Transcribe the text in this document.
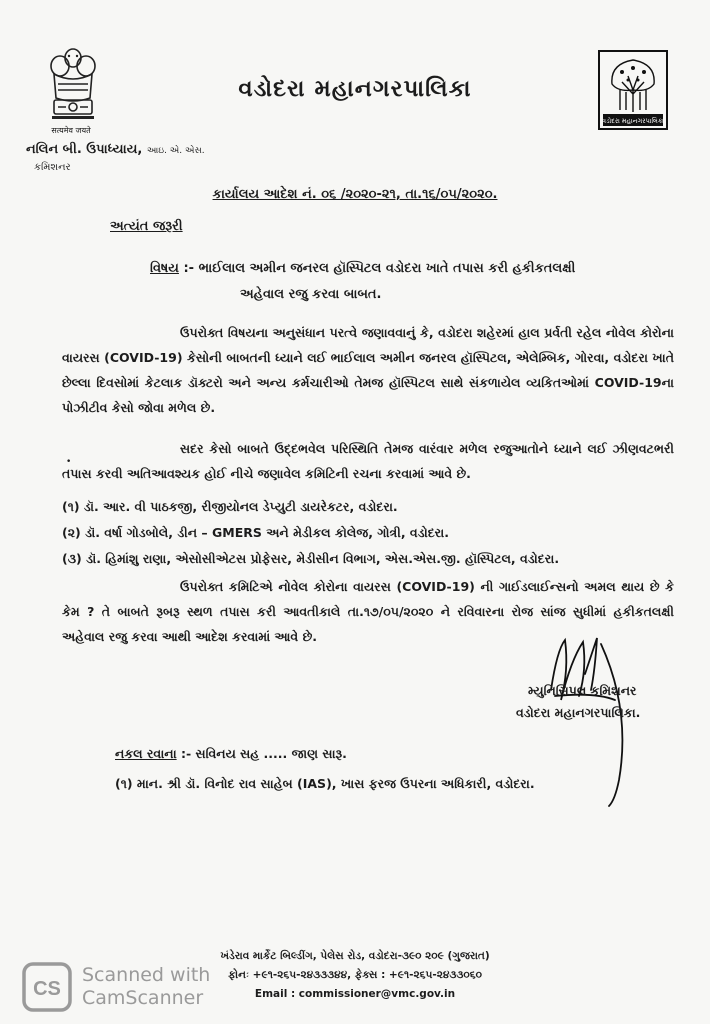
सत्यमेव जयते
વડોદરા મહાનગરપાલિકા
વડોદરા મહાનગરપાલિકા
નલિન બી. ઉપાધ્યાય, આઇ. એ. એસ.
કમિશનર
કાર્યાલય આદેશ નં. ૦૬ /૨૦૨૦-૨૧, તા.૧૬/૦૫/૨૦૨૦.
અત્યંત જરૂરી
વિષય :- ભાઈલાલ અમીન જનરલ હૉસ્પિટલ વડોદરા ખાતે તપાસ કરી હકીકતલક્ષી
અહેવાલ રજુ કરવા બાબત.
ઉપરોક્ત વિષયના અનુસંધાન પરત્વે જણાવવાનું કે, વડોદરા શહેરમાં હાલ પ્રર્વતી રહેલ નોવેલ કોરોના વાયરસ (COVID-19) કેસોની બાબતની ધ્યાને લઈ ભાઈલાલ અમીન જનરલ હૉસ્પિટલ, એલેમ્બિક, ગોરવા, વડોદરા ખાતે છેલ્લા દિવસોમાં કેટલાક ડૉક્ટરો અને અન્ય કર્મચારીઓ તેમજ હૉસ્પિટલ સાથે સંકળાયેલ વ્યકિતઓમાં COVID-19ના પોઝીટીવ કેસો જોવા મળેલ છે.
•
સદર કેસો બાબતે ઉદ્દભવેલ પરિસ્થિતિ તેમજ વારંવાર મળેલ રજુઆતોને ધ્યાને લઈ ઝીણવટભરી તપાસ કરવી અતિઆવશ્યક હોઈ નીચે જણાવેલ કમિટિની રચના કરવામાં આવે છે.
(૧) ડૉ. આર. વી પાઠકજી, રીજીયોનલ ડેપ્યુટી ડાયરેકટર, વડોદરા.
(૨) ડૉ. વર્ષા ગોડબોલે, ડીન – GMERS અને મેડીકલ કોલેજ, ગોત્રી, વડોદરા.
(૩) ડૉ. હિમાંશુ રાણા, એસોસીએટસ પ્રોફેસર, મેડીસીન વિભાગ, એસ.એસ.જી. હૉસ્પિટલ, વડોદરા.
ઉપરોક્ત કમિટિએ નોવેલ કોરોના વાયરસ (COVID-19) ની ગાઈડલાઈન્સનો અમલ થાય છે કે કેમ ? તે બાબતે રૂબરૂ સ્થળ તપાસ કરી આવતીકાલે તા.૧૭/૦૫/૨૦૨૦ ને રવિવારના રોજ સાંજ સુધીમાં હકીકતલક્ષી અહેવાલ રજુ કરવા આથી આદેશ કરવામાં આવે છે.
મ્યુનિસિપલ કમિશનર
વડોદરા મહાનગરપાલિકા.
નકલ રવાના :- સવિનય સહ ..... જાણ સારૂ.
(૧) માન. શ્રી ડૉ. વિનોદ રાવ સાહેબ (IAS), ખાસ ફરજ ઉપરના અધિકારી, વડોદરા.
ખંડેરાવ માર્કેટ બિલ્ડીંગ, પેલેસ રોડ, વડોદરા-૩૯૦ ૨૦૯ (ગુજરાત)
ફોનઃ +૯૧-૨૬૫-૨૪૩૩૩૪૪, ફેક્સ : +૯૧-૨૬૫-૨૪૩૩૦૬૦
Email : commissioner@vmc.gov.in
CS
Scanned with
CamScanner
